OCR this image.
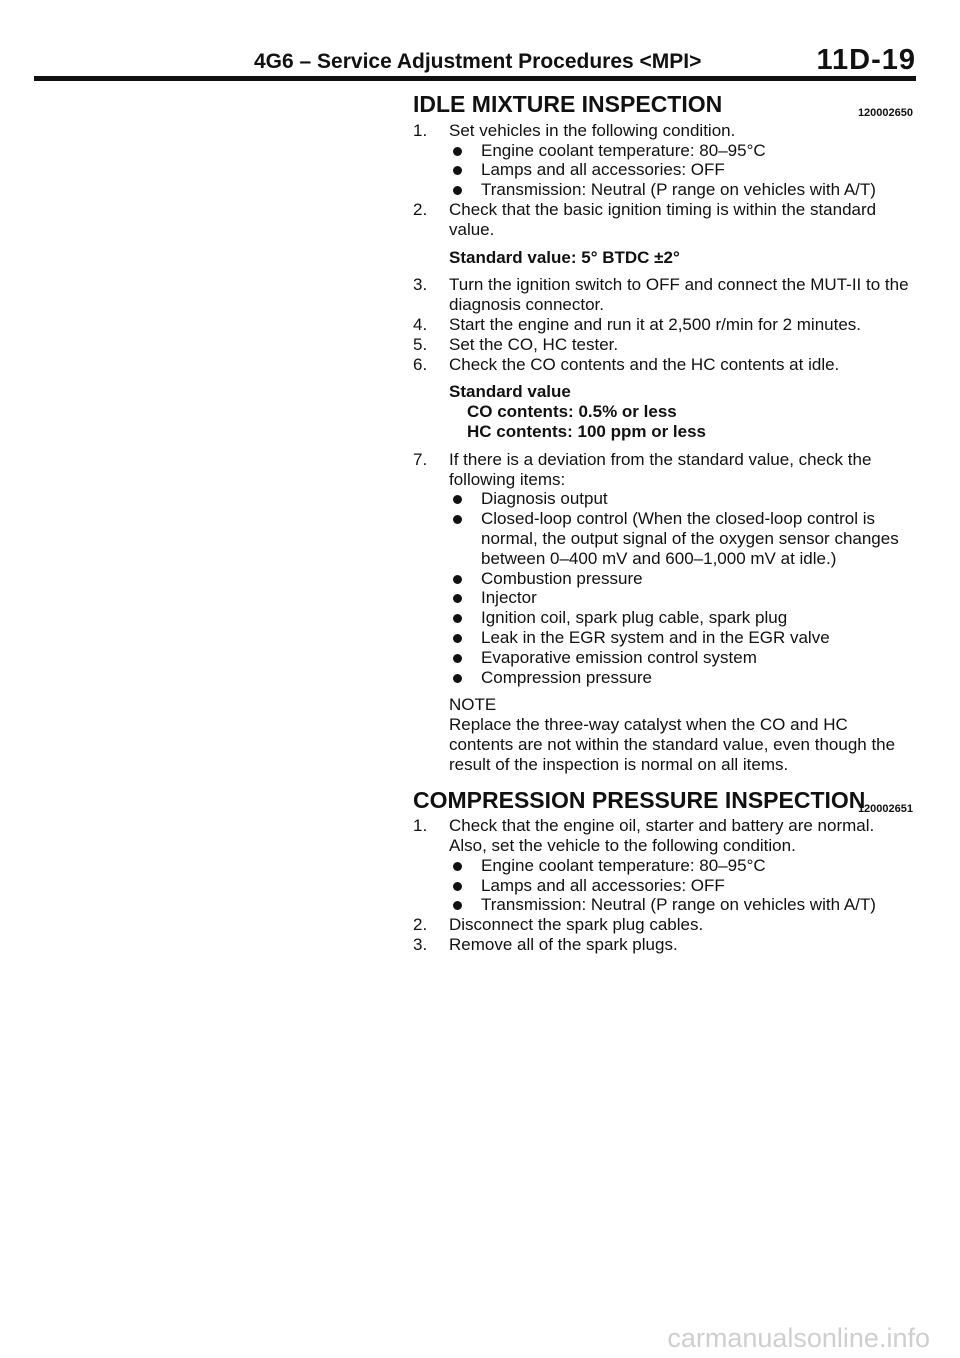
4G6 – Service Adjustment Procedures <MPI>	11D-19
IDLE MIXTURE INSPECTION	120002650
1. Set vehicles in the following condition.
Engine coolant temperature: 80–95°C
Lamps and all accessories: OFF
Transmission: Neutral (P range on vehicles with A/T)
2. Check that the basic ignition timing is within the standard value.
Standard value: 5° BTDC ±2°
3. Turn the ignition switch to OFF and connect the MUT-II to the diagnosis connector.
4. Start the engine and run it at 2,500 r/min for 2 minutes.
5. Set the CO, HC tester.
6. Check the CO contents and the HC contents at idle.
Standard value
CO contents: 0.5% or less
HC contents: 100 ppm or less
7. If there is a deviation from the standard value, check the following items:
Diagnosis output
Closed-loop control (When the closed-loop control is normal, the output signal of the oxygen sensor changes between 0–400 mV and 600–1,000 mV at idle.)
Combustion pressure
Injector
Ignition coil, spark plug cable, spark plug
Leak in the EGR system and in the EGR valve
Evaporative emission control system
Compression pressure
NOTE
Replace the three-way catalyst when the CO and HC contents are not within the standard value, even though the result of the inspection is normal on all items.
COMPRESSION PRESSURE INSPECTION
120002651
1. Check that the engine oil, starter and battery are normal. Also, set the vehicle to the following condition.
Engine coolant temperature: 80–95°C
Lamps and all accessories: OFF
Transmission: Neutral (P range on vehicles with A/T)
2. Disconnect the spark plug cables.
3. Remove all of the spark plugs.
carmanualsonline.info
